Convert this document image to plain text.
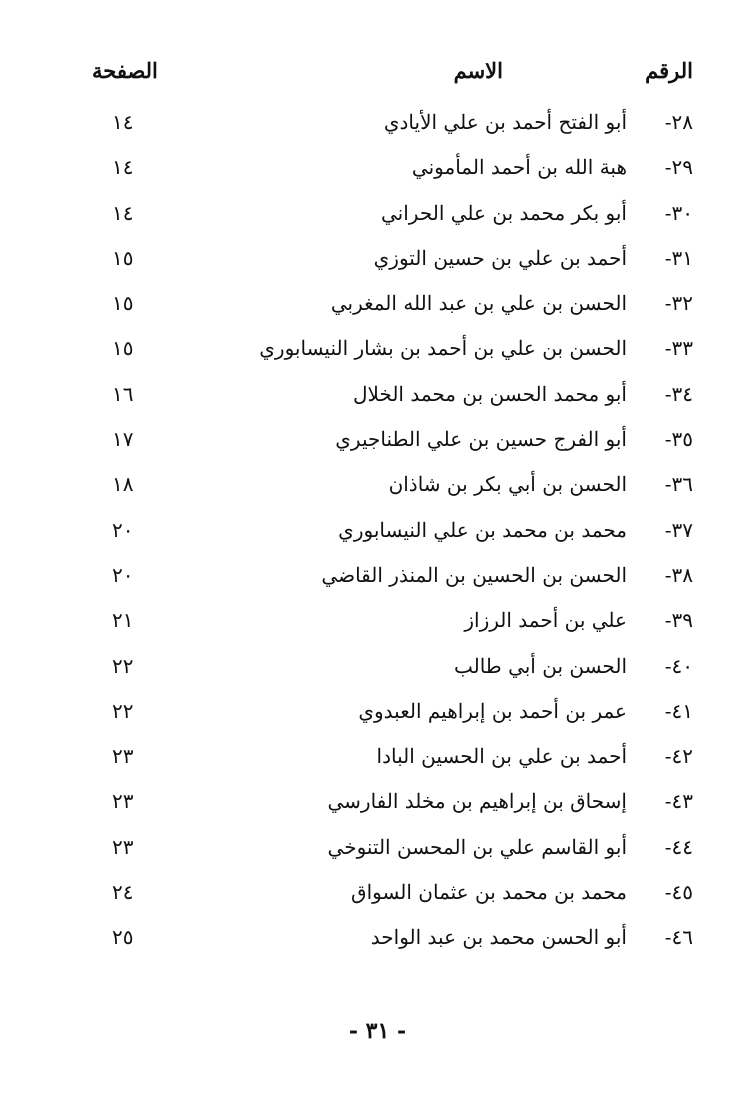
الرقم
الاسم
الصفحة
٢٨-
أبو الفتح أحمد بن علي الأيادي
١٤
٢٩-
هبة الله بن أحمد المأموني
١٤
٣٠-
أبو بكر محمد بن علي الحراني
١٤
٣١-
أحمد بن علي بن حسين التوزي
١٥
٣٢-
الحسن بن علي بن عبد الله المغربي
١٥
٣٣-
الحسن بن علي بن أحمد بن بشار النيسابوري
١٥
٣٤-
أبو محمد الحسن بن محمد الخلال
١٦
٣٥-
أبو الفرج حسين بن علي الطناجيري
١٧
٣٦-
الحسن بن أبي بكر بن شاذان
١٨
٣٧-
محمد بن محمد بن علي النيسابوري
٢٠
٣٨-
الحسن بن الحسين بن المنذر القاضي
٢٠
٣٩-
علي بن أحمد الرزاز
٢١
٤٠-
الحسن بن أبي طالب
٢٢
٤١-
عمر بن أحمد بن إبراهيم العبدوي
٢٢
٤٢-
أحمد بن علي بن الحسين البادا
٢٣
٤٣-
إسحاق بن إبراهيم بن مخلد الفارسي
٢٣
٤٤-
أبو القاسم علي بن المحسن التنوخي
٢٣
٤٥-
محمد بن محمد بن عثمان السواق
٢٤
٤٦-
أبو الحسن محمد بن عبد الواحد
٢٥
- ٣١ -
